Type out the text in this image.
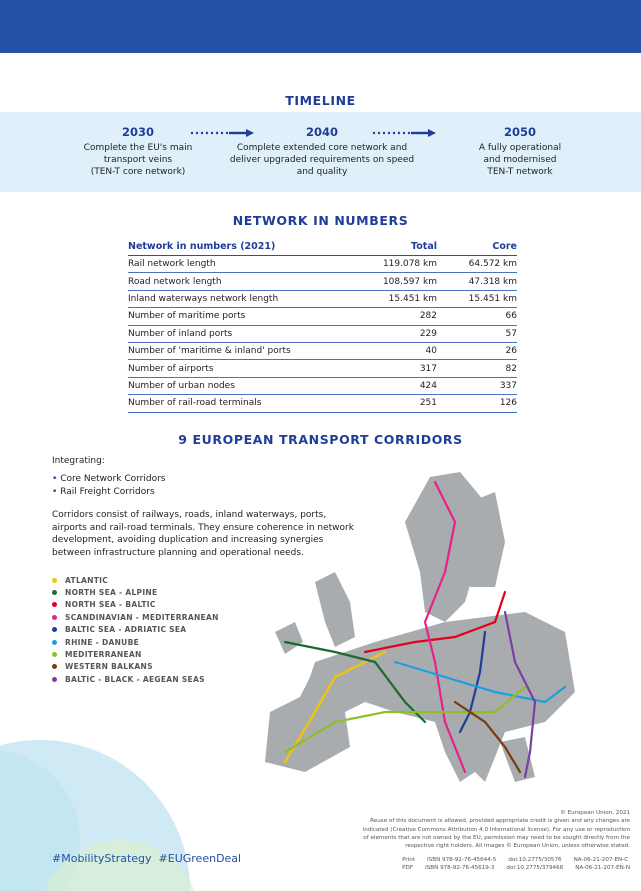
TIMELINE
2030
Complete the EU's main
transport veins
(TEN-T core network)
2040
Complete extended core network and
deliver upgraded requirements on speed
and quality
2050
A fully operational
and modernised
TEN-T network
NETWORK IN NUMBERS
Network in numbers (2021)	Total	Core
Rail network length	119.078 km	64.572 km
Road network length	108.597 km	47.318 km
Inland waterways network length	15.451 km	15.451 km
Number of maritime ports	282	66
Number of inland ports	229	57
Number of 'maritime & inland' ports	40	26
Number of airports	317	82
Number of urban nodes	424	337
Number of rail-road terminals	251	126
9 EUROPEAN TRANSPORT CORRIDORS
Integrating:
• Core Network Corridors
• Rail Freight Corridors
Corridors consist of railways, roads, inland waterways, ports,
airports and rail-road terminals. They ensure coherence in network
development, avoiding duplication and increasing synergies
between infrastructure planning and operational needs.
ATLANTIC
NORTH SEA - ALPINE
NORTH SEA - BALTIC
SCANDINAVIAN - MEDITERRANEAN
BALTIC SEA - ADRIATIC SEA
RHINE - DANUBE
MEDITERRANEAN
WESTERN BALKANS
BALTIC - BLACK - AEGEAN SEAS
© European Union, 2021
Reuse of this document is allowed, provided appropriate credit is given and any changes are
indicated (Creative Commons Attribution 4.0 International license). For any use or reproduction
of elements that are not owned by the EU, permission may need to be sought directly from the
respective right holders. All images © European Union, unless otherwise stated.
Print ISBN 978-92-76-45644-5 doi:10.2775/30576 NA-06-21-207-EN-C
PDF ISBN 978-92-76-45619-3 doi:10.2775/379468 NA-06-21-207-EN-N
#MobilityStrategy  #EUGreenDeal
